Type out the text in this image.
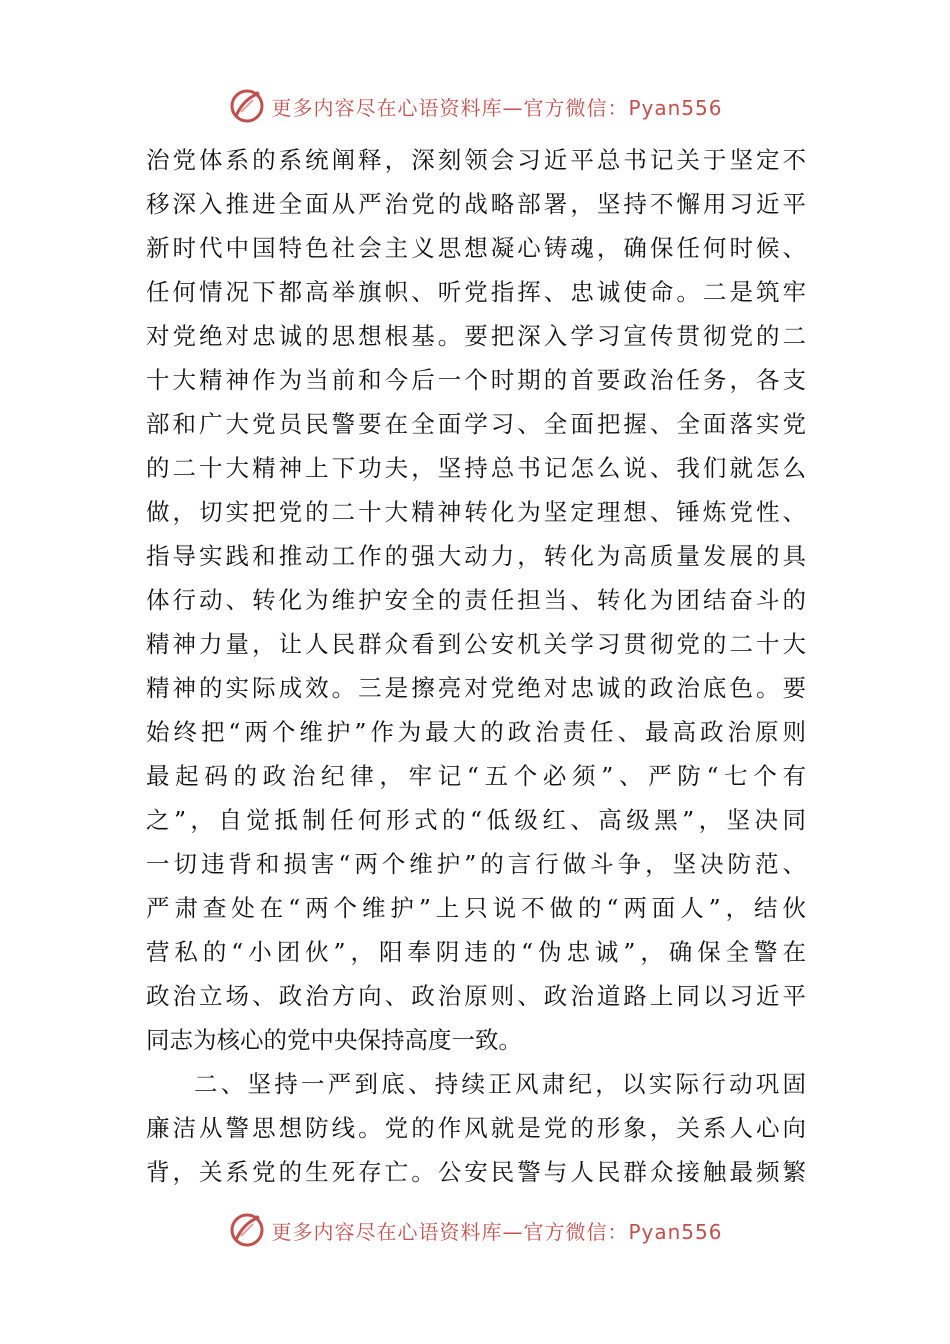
更多内容尽在心语资料库—官方微信：Pyan556
治党体系的系统阐释，深刻领会习近平总书记关于坚定不
移深入推进全面从严治党的战略部署，坚持不懈用习近平
新时代中国特色社会主义思想凝心铸魂，确保任何时候、
任何情况下都高举旗帜、听党指挥、忠诚使命。二是筑牢
对党绝对忠诚的思想根基。要把深入学习宣传贯彻党的二
十大精神作为当前和今后一个时期的首要政治任务，各支
部和广大党员民警要在全面学习、全面把握、全面落实党
的二十大精神上下功夫，坚持总书记怎么说、我们就怎么
做，切实把党的二十大精神转化为坚定理想、锤炼党性、
指导实践和推动工作的强大动力，转化为高质量发展的具
体行动、转化为维护安全的责任担当、转化为团结奋斗的
精神力量，让人民群众看到公安机关学习贯彻党的二十大
精神的实际成效。三是擦亮对党绝对忠诚的政治底色。要
始终把“两个维护”作为最大的政治责任、最高政治原则
最起码的政治纪律，牢记“五个必须”、严防“七个有
之”，自觉抵制任何形式的“低级红、高级黑”，坚决同
一切违背和损害“两个维护”的言行做斗争，坚决防范、
严肃查处在“两个维护”上只说不做的“两面人”，结伙
营私的“小团伙”，阳奉阴违的“伪忠诚”，确保全警在
政治立场、政治方向、政治原则、政治道路上同以习近平
同志为核心的党中央保持高度一致。
二、坚持一严到底、持续正风肃纪，以实际行动巩固
廉洁从警思想防线。党的作风就是党的形象，关系人心向
背，关系党的生死存亡。公安民警与人民群众接触最频繁
更多内容尽在心语资料库—官方微信：Pyan556
